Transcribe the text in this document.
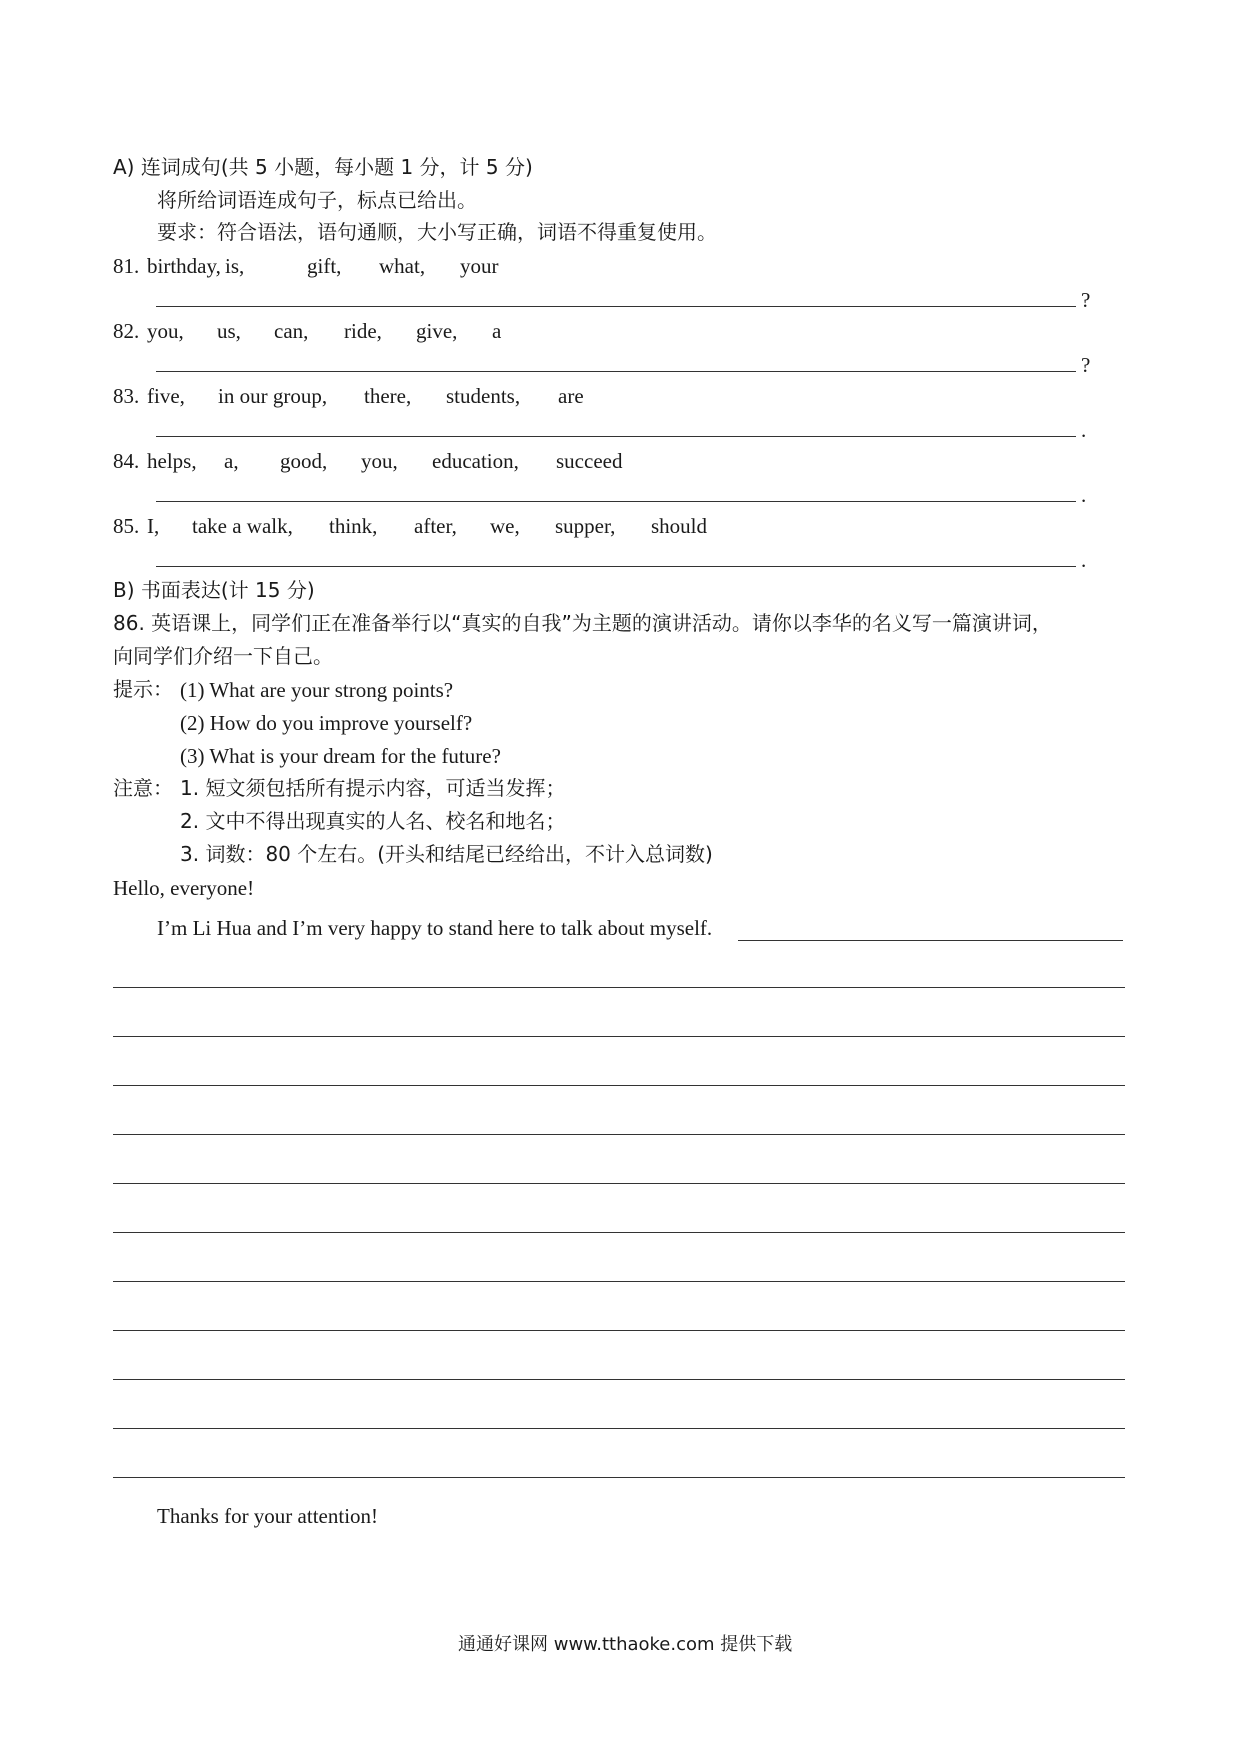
A) 连词成句(共 5 小题，每小题 1 分，计 5 分)
将所给词语连成句子，标点已给出。
要求：符合语法，语句通顺，大小写正确，词语不得重复使用。
81. birthday, is,	gift, what, your
?
82. you, us, can, ride, give, a
?
83. five, in our group, there, students, are
.
84. helps, a, good, you, education, succeed
.
85. I, take a walk, think, after, we, supper, should
.
B) 书面表达(计 15 分)
86. 英语课上，同学们正在准备举行以“真实的自我”为主题的演讲活动。请你以李华的名义写一篇演讲词，
向同学们介绍一下自己。
提示： (1) What are your strong points?
(2) How do you improve yourself?
(3) What is your dream for the future?
注意： 1. 短文须包括所有提示内容，可适当发挥；
2. 文中不得出现真实的人名、校名和地名；
3. 词数：80 个左右。(开头和结尾已经给出，不计入总词数)
Hello, everyone!
I’m Li Hua and I’m very happy to stand here to talk about myself.
Thanks for your attention!
通通好课网 www.tthaoke.com 提供下载
